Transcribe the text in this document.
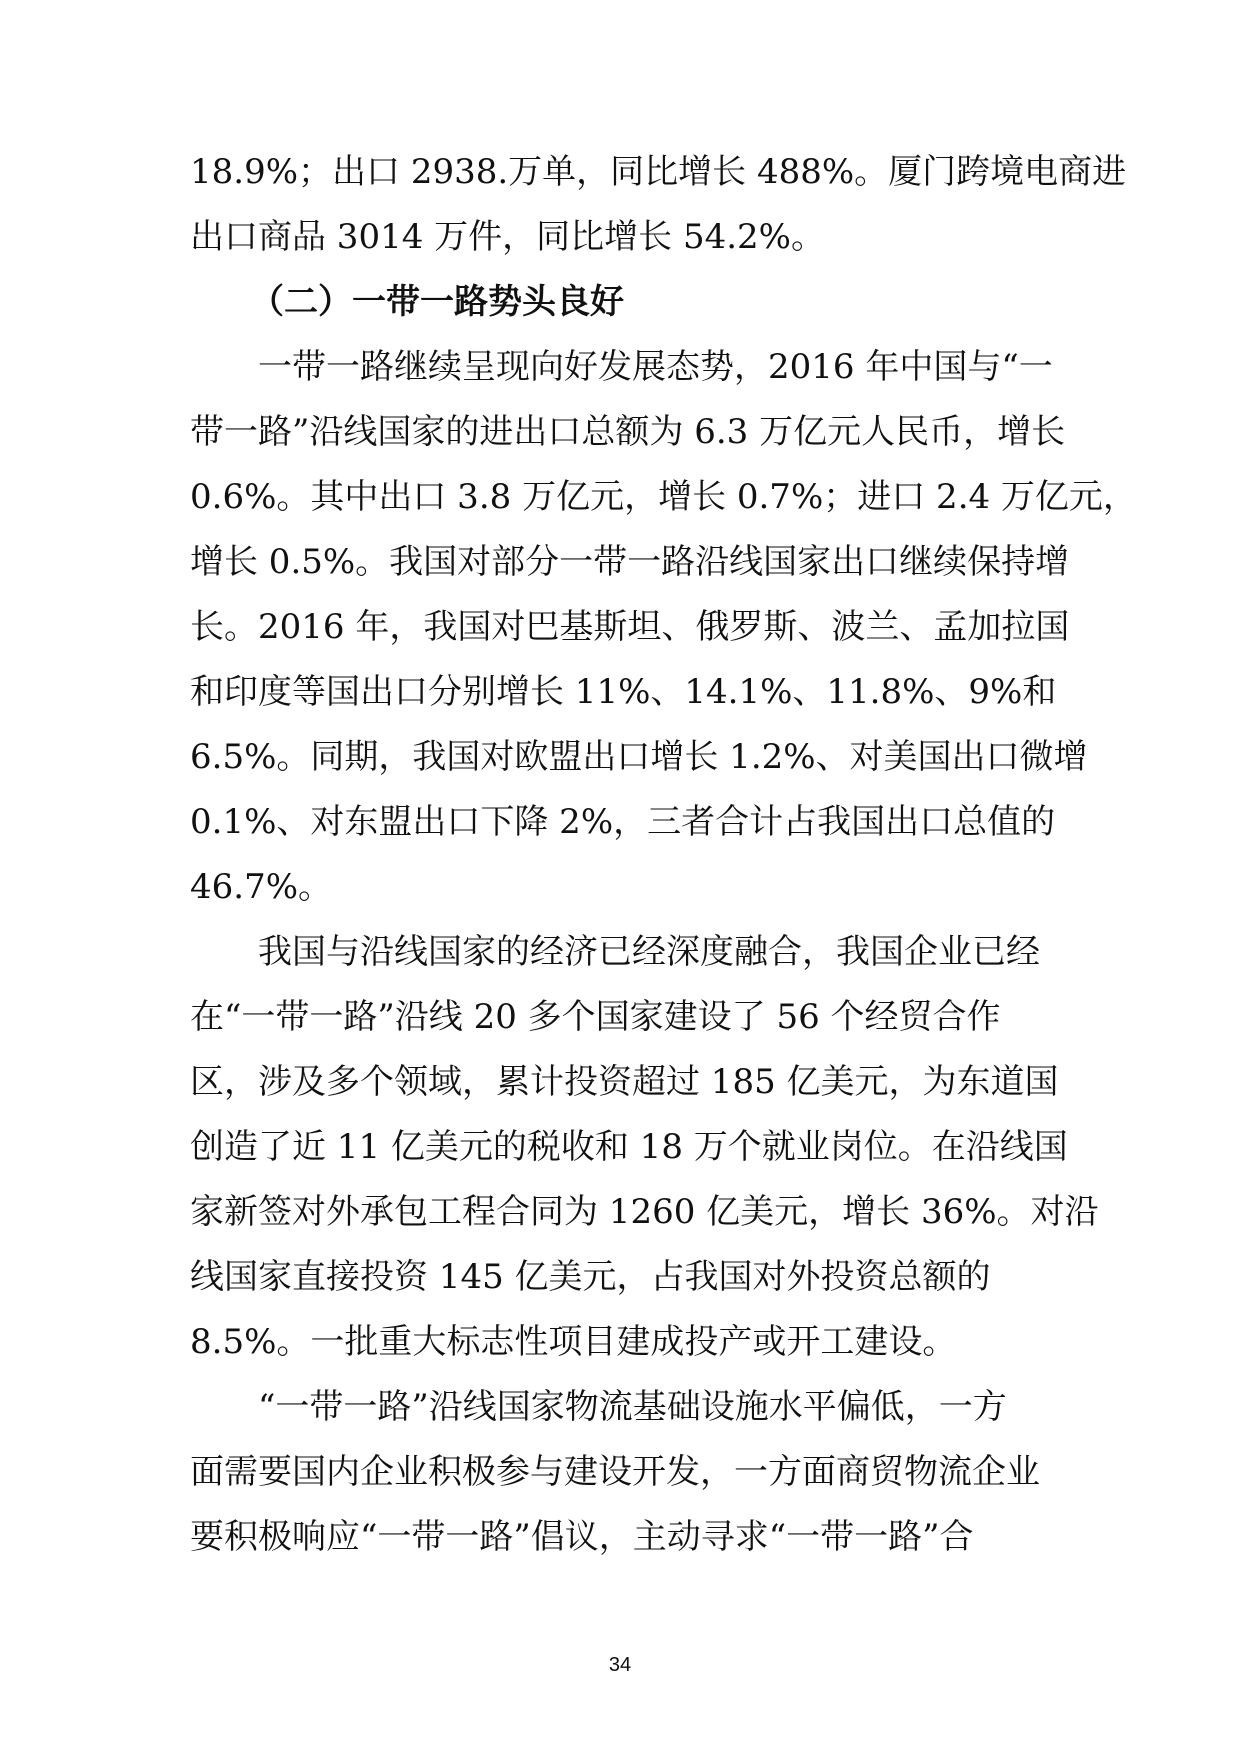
18.9%；出口 2938.万单，同比增长 488%。厦门跨境电商进
出口商品 3014 万件，同比增长 54.2%。
（二）一带一路势头良好
一带一路继续呈现向好发展态势，2016 年中国与“一
带一路”沿线国家的进出口总额为 6.3 万亿元人民币，增长
0.6%。其中出口 3.8 万亿元，增长 0.7%；进口 2.4 万亿元，
增长 0.5%。我国对部分一带一路沿线国家出口继续保持增
长。2016 年，我国对巴基斯坦、俄罗斯、波兰、孟加拉国
和印度等国出口分别增长 11%、14.1%、11.8%、9%和
6.5%。同期，我国对欧盟出口增长 1.2%、对美国出口微增
0.1%、对东盟出口下降 2%，三者合计占我国出口总值的
46.7%。
我国与沿线国家的经济已经深度融合，我国企业已经
在“一带一路”沿线 20 多个国家建设了 56 个经贸合作
区，涉及多个领域，累计投资超过 185 亿美元，为东道国
创造了近 11 亿美元的税收和 18 万个就业岗位。在沿线国
家新签对外承包工程合同为 1260 亿美元，增长 36%。对沿
线国家直接投资 145 亿美元，占我国对外投资总额的
8.5%。一批重大标志性项目建成投产或开工建设。
“一带一路”沿线国家物流基础设施水平偏低，一方
面需要国内企业积极参与建设开发，一方面商贸物流企业
要积极响应“一带一路”倡议，主动寻求“一带一路”合
34
